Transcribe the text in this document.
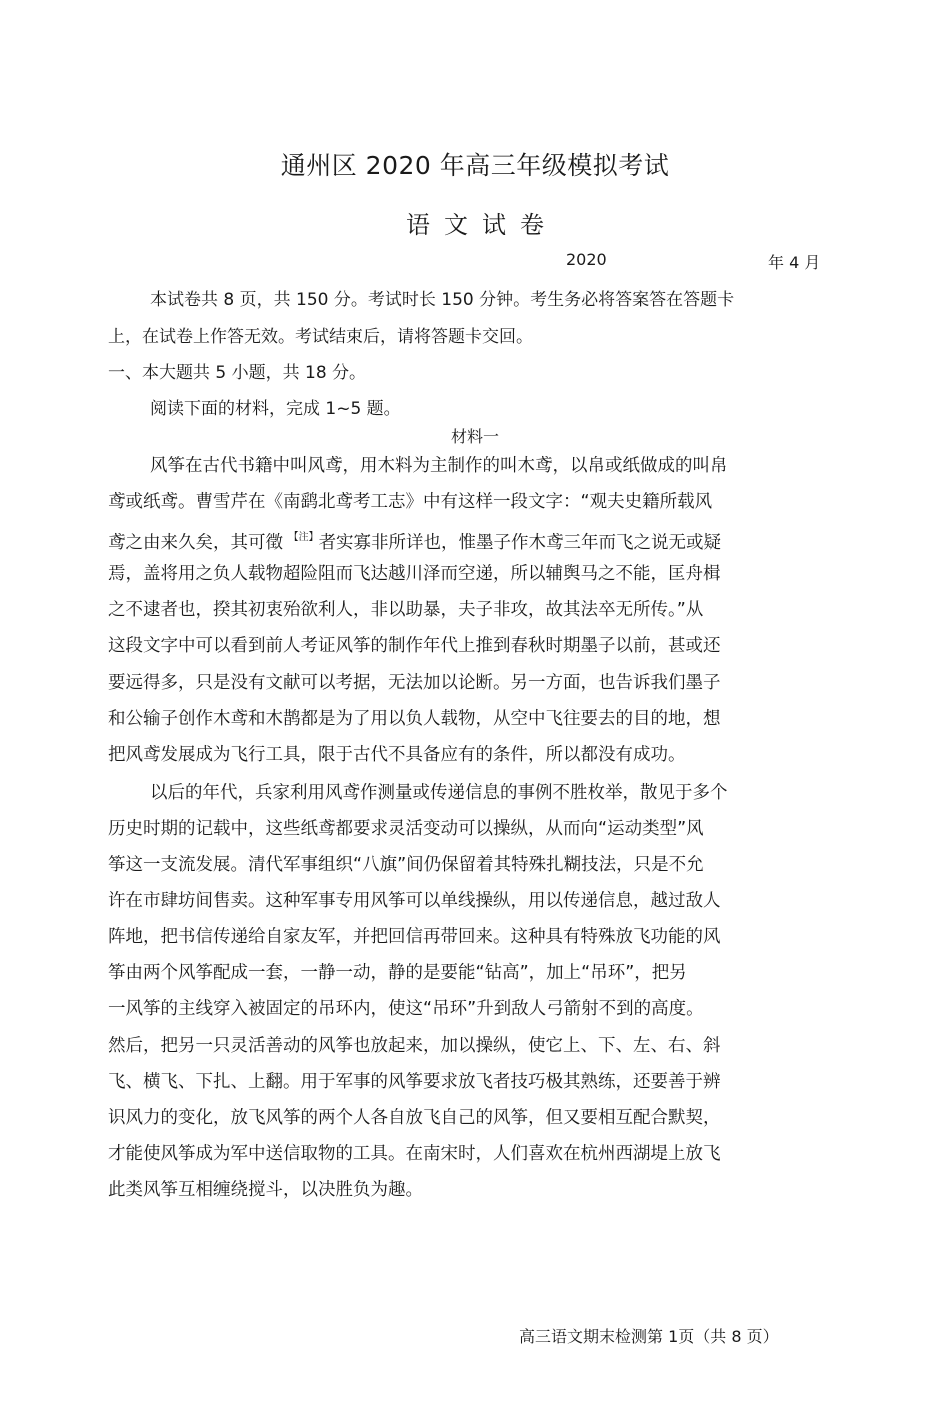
通州区 2020 年高三年级模拟考试
语文试卷
2020	年 4 月
本试卷共 8 页，共 150 分。考试时长 150 分钟。考生务必将答案答在答题卡
上，在试卷上作答无效。考试结束后，请将答题卡交回。
一、本大题共 5 小题，共 18 分。
阅读下面的材料，完成 1~5 题。
材料一
风筝在古代书籍中叫风鸢，用木料为主制作的叫木鸢，以帛或纸做成的叫帛
鸢或纸鸢。曹雪芹在《南鹞北鸢考工志》中有这样一段文字：“观夫史籍所载风
鸢之由来久矣，其可徵 $^{【注】}$者实寡非所详也，惟墨子作木鸢三年而飞之说无或疑
焉，盖将用之负人载物超险阻而飞达越川泽而空递，所以辅舆马之不能，匡舟楫
之不逮者也，揆其初衷殆欲利人，非以助暴，夫子非攻，故其法卒无所传。”从
这段文字中可以看到前人考证风筝的制作年代上推到春秋时期墨子以前，甚或还
要远得多，只是没有文献可以考据，无法加以论断。另一方面，也告诉我们墨子
和公输子创作木鸢和木鹊都是为了用以负人载物，从空中飞往要去的目的地，想
把风鸢发展成为飞行工具，限于古代不具备应有的条件，所以都没有成功。
以后的年代，兵家利用风鸢作测量或传递信息的事例不胜枚举，散见于多个
历史时期的记载中，这些纸鸢都要求灵活变动可以操纵，从而向“运动类型”风
筝这一支流发展。清代军事组织“八旗”间仍保留着其特殊扎糊技法，只是不允
许在市肆坊间售卖。这种军事专用风筝可以单线操纵，用以传递信息，越过敌人
阵地，把书信传递给自家友军，并把回信再带回来。这种具有特殊放飞功能的风
筝由两个风筝配成一套，一静一动，静的是要能“钻高”，加上“吊环”，把另
一风筝的主线穿入被固定的吊环内，使这“吊环”升到敌人弓箭射不到的高度。
然后，把另一只灵活善动的风筝也放起来，加以操纵，使它上、下、左、右、斜
飞、横飞、下扎、上翻。用于军事的风筝要求放飞者技巧极其熟练，还要善于辨
识风力的变化，放飞风筝的两个人各自放飞自己的风筝，但又要相互配合默契，
才能使风筝成为军中送信取物的工具。在南宋时，人们喜欢在杭州西湖堤上放飞
此类风筝互相缠绕搅斗，以决胜负为趣。
高三语文期末检测第 1页（共 8 页）
